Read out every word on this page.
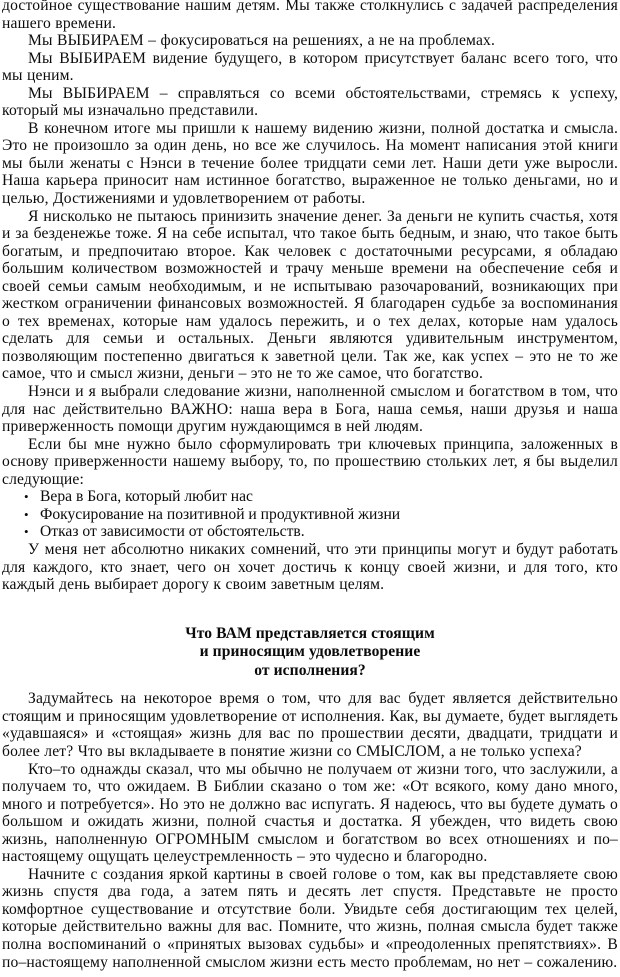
достойное существование нашим детям. Мы также столкнулись с задачей распределения нашего времени.

Мы ВЫБИРАЕМ – фокусироваться на решениях, а не на проблемах.

Мы ВЫБИРАЕМ видение будущего, в котором присутствует баланс всего того, что мы ценим.

Мы ВЫБИРАЕМ – справляться со всеми обстоятельствами, стремясь к успеху, который мы изначально представили.

В конечном итоге мы пришли к нашему видению жизни, полной достатка и смысла. Это не произошло за один день, но все же случилось. На момент написания этой книги мы были женаты с Нэнси в течение более тридцати семи лет. Наши дети уже выросли. Наша карьера приносит нам истинное богатство, выраженное не только деньгами, но и целью, Достижениями и удовлетворением от работы.

Я нисколько не пытаюсь принизить значение денег. За деньги не купить счастья, хотя и за безденежье тоже. Я на себе испытал, что такое быть бедным, и знаю, что такое быть богатым, и предпочитаю второе. Как человек с достаточными ресурсами, я обладаю большим количеством возможностей и трачу меньше времени на обеспечение себя и своей семьи самым необходимым, и не испытываю разочарований, возникающих при жестком ограничении финансовых возможностей. Я благодарен судьбе за воспоминания о тех временах, которые нам удалось пережить, и о тех делах, которые нам удалось сделать для семьи и остальных. Деньги являются удивительным инструментом, позволяющим постепенно двигаться к заветной цели. Так же, как успех – это не то же самое, что и смысл жизни, деньги – это не то же самое, что богатство.

Нэнси и я выбрали следование жизни, наполненной смыслом и богатством в том, что для нас действительно ВАЖНО: наша вера в Бога, наша семья, наши друзья и наша приверженность помощи другим нуждающимся в ней людям.

Если бы мне нужно было сформулировать три ключевых принципа, заложенных в основу приверженности нашему выбору, то, по прошествию стольких лет, я бы выделил следующие:

• Вера в Бога, который любит нас
• Фокусирование на позитивной и продуктивной жизни
• Отказ от зависимости от обстоятельств.

У меня нет абсолютно никаких сомнений, что эти принципы могут и будут работать для каждого, кто знает, чего он хочет достичь к концу своей жизни, и для того, кто каждый день выбирает дорогу к своим заветным целям.

Что ВАМ представляется стоящим
и приносящим удовлетворение
от исполнения?

Задумайтесь на некоторое время о том, что для вас будет является действительно стоящим и приносящим удовлетворение от исполнения. Как, вы думаете, будет выглядеть «удавшаяся» и «стоящая» жизнь для вас по прошествии десяти, двадцати, тридцати и более лет? Что вы вкладываете в понятие жизни со СМЫСЛОМ, а не только успеха?

Кто–то однажды сказал, что мы обычно не получаем от жизни того, что заслужили, а получаем то, что ожидаем. В Библии сказано о том же: «От всякого, кому дано много, много и потребуется». Но это не должно вас испугать. Я надеюсь, что вы будете думать о большом и ожидать жизни, полной счастья и достатка. Я убежден, что видеть свою жизнь, наполненную ОГРОМНЫМ смыслом и богатством во всех отношениях и по–настоящему ощущать целеустремленность – это чудесно и благородно.

Начните с создания яркой картины в своей голове о том, как вы представляете свою жизнь спустя два года, а затем пять и десять лет спустя. Представьте не просто комфортное существование и отсутствие боли. Увидьте себя достигающим тех целей, которые действительно важны для вас. Помните, что жизнь, полная смысла будет также полна воспоминаний о «принятых вызовах судьбы» и «преодоленных препятствиях». В по–настоящему наполненной смыслом жизни есть место проблемам, но нет – сожалению.
